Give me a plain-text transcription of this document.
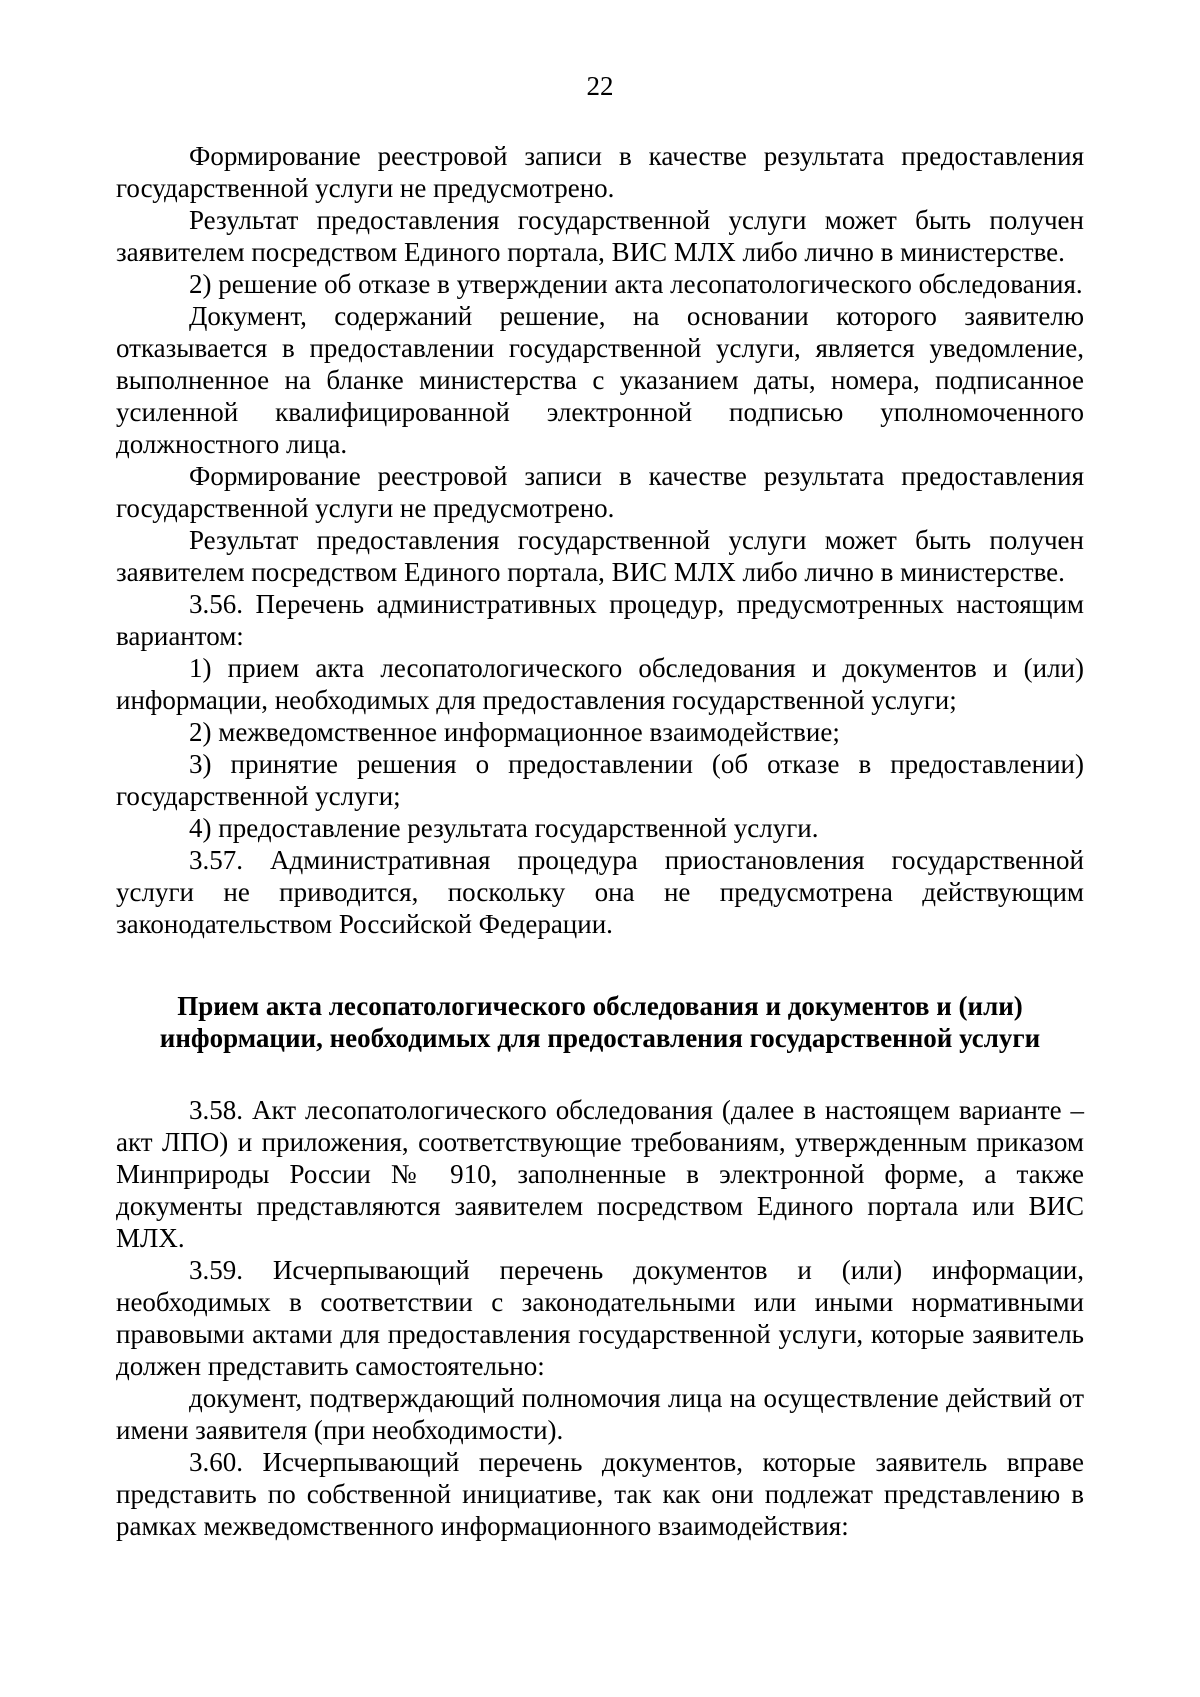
22

Формирование реестровой записи в качестве результата предоставления государственной услуги не предусмотрено.

Результат предоставления государственной услуги может быть получен заявителем посредством Единого портала, ВИС МЛХ либо лично в министерстве.

2) решение об отказе в утверждении акта лесопатологического обследования.

Документ, содержаний решение, на основании которого заявителю отказывается в предоставлении государственной услуги, является уведомление, выполненное на бланке министерства с указанием даты, номера, подписанное усиленной квалифицированной электронной подписью уполномоченного должностного лица.

Формирование реестровой записи в качестве результата предоставления государственной услуги не предусмотрено.

Результат предоставления государственной услуги может быть получен заявителем посредством Единого портала, ВИС МЛХ либо лично в министерстве.

3.56. Перечень административных процедур, предусмотренных настоящим вариантом:

1) прием акта лесопатологического обследования и документов и (или) информации, необходимых для предоставления государственной услуги;

2) межведомственное информационное взаимодействие;

3) принятие решения о предоставлении (об отказе в предоставлении) государственной услуги;

4) предоставление результата государственной услуги.

3.57. Административная процедура приостановления государственной услуги не приводится, поскольку она не предусмотрена действующим законодательством Российской Федерации.

Прием акта лесопатологического обследования и документов и (или)
информации, необходимых для предоставления государственной услуги

3.58. Акт лесопатологического обследования (далее в настоящем варианте – акт ЛПО) и приложения, соответствующие требованиям, утвержденным приказом Минприроды России № 910, заполненные в электронной форме, а также документы представляются заявителем посредством Единого портала или ВИС МЛХ.

3.59. Исчерпывающий перечень документов и (или) информации, необходимых в соответствии с законодательными или иными нормативными правовыми актами для предоставления государственной услуги, которые заявитель должен представить самостоятельно:

документ, подтверждающий полномочия лица на осуществление действий от имени заявителя (при необходимости).

3.60. Исчерпывающий перечень документов, которые заявитель вправе представить по собственной инициативе, так как они подлежат представлению в рамках межведомственного информационного взаимодействия:
